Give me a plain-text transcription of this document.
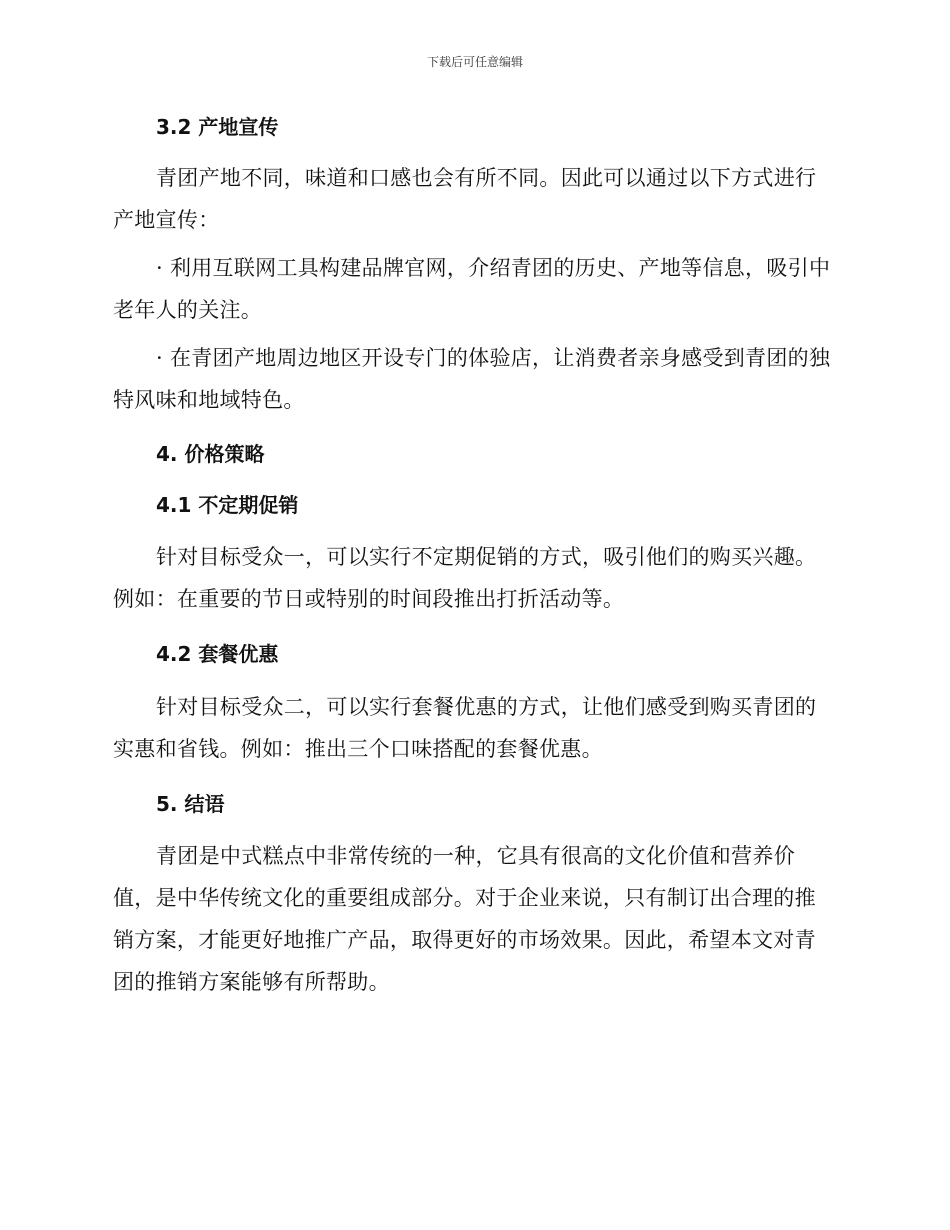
下载后可任意编辑
3.2 产地宣传

青团产地不同，味道和口感也会有所不同。因此可以通过以下方式进行产地宣传：

· 利用互联网工具构建品牌官网，介绍青团的历史、产地等信息，吸引中老年人的关注。

· 在青团产地周边地区开设专门的体验店，让消费者亲身感受到青团的独特风味和地域特色。

4. 价格策略
4.1 不定期促销

针对目标受众一，可以实行不定期促销的方式，吸引他们的购买兴趣。例如：在重要的节日或特别的时间段推出打折活动等。

4.2 套餐优惠

针对目标受众二，可以实行套餐优惠的方式，让他们感受到购买青团的实惠和省钱。例如：推出三个口味搭配的套餐优惠。

5. 结语

青团是中式糕点中非常传统的一种，它具有很高的文化价值和营养价值，是中华传统文化的重要组成部分。对于企业来说，只有制订出合理的推销方案，才能更好地推广产品，取得更好的市场效果。因此，希望本文对青团的推销方案能够有所帮助。
